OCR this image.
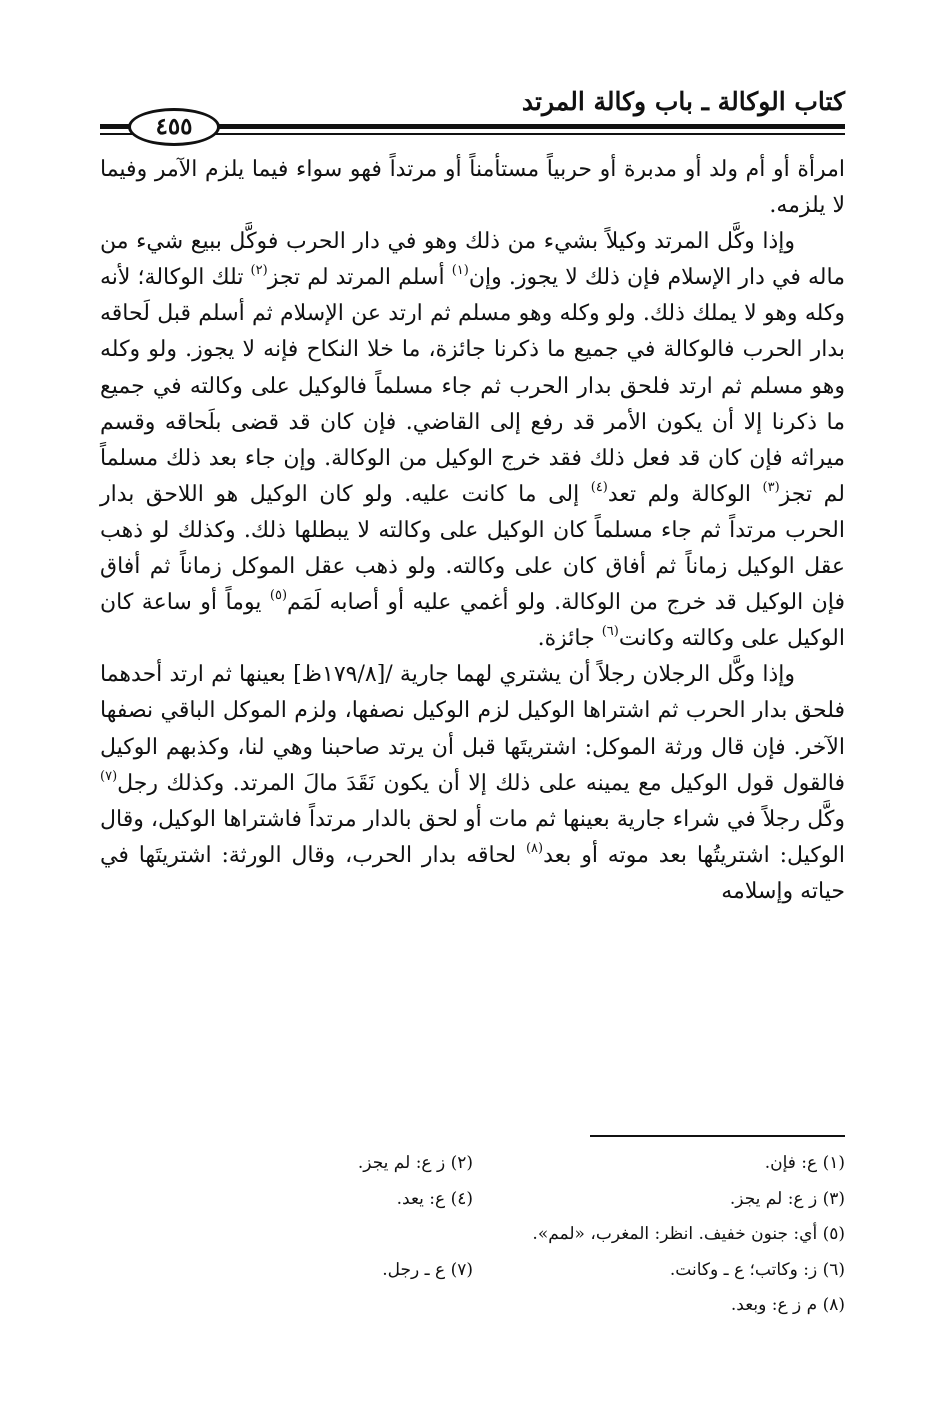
كتاب الوكالة ـ باب وكالة المرتد
٤٥٥

امرأة أو أم ولد أو مدبرة أو حربياً مستأمناً أو مرتداً فهو سواء فيما يلزم الآمر وفيما لا يلزمه.

وإذا وكَّل المرتد وكيلاً بشيء من ذلك وهو في دار الحرب فوكَّل ببيع شيء من ماله في دار الإسلام فإن ذلك لا يجوز. وإن$^{(١)}$ أسلم المرتد لم تجز$^{(٢)}$ تلك الوكالة؛ لأنه وكله وهو لا يملك ذلك. ولو وكله وهو مسلم ثم ارتد عن الإسلام ثم أسلم قبل لَحاقه بدار الحرب فالوكالة في جميع ما ذكرنا جائزة، ما خلا النكاح فإنه لا يجوز. ولو وكله وهو مسلم ثم ارتد فلحق بدار الحرب ثم جاء مسلماً فالوكيل على وكالته في جميع ما ذكرنا إلا أن يكون الأمر قد رفع إلى القاضي. فإن كان قد قضى بلَحاقه وقسم ميراثه فإن كان قد فعل ذلك فقد خرج الوكيل من الوكالة. وإن جاء بعد ذلك مسلماً لم تجز$^{(٣)}$ الوكالة ولم تعد$^{(٤)}$ إلى ما كانت عليه. ولو كان الوكيل هو اللاحق بدار الحرب مرتداً ثم جاء مسلماً كان الوكيل على وكالته لا يبطلها ذلك. وكذلك لو ذهب عقل الوكيل زماناً ثم أفاق كان على وكالته. ولو ذهب عقل الموكل زماناً ثم أفاق فإن الوكيل قد خرج من الوكالة. ولو أغمي عليه أو أصابه لَمَم$^{(٥)}$ يوماً أو ساعة كان الوكيل على وكالته وكانت$^{(٦)}$ جائزة.

وإذا وكَّل الرجلان رجلاً أن يشتري لهما جارية /[١٧٩/٨ظ] بعينها ثم ارتد أحدهما فلحق بدار الحرب ثم اشتراها الوكيل لزم الوكيل نصفها، ولزم الموكل الباقي نصفها الآخر. فإن قال ورثة الموكل: اشتريتَها قبل أن يرتد صاحبنا وهي لنا، وكذبهم الوكيل فالقول قول الوكيل مع يمينه على ذلك إلا أن يكون نَقَدَ مالَ المرتد. وكذلك رجل$^{(٧)}$ وكَّل رجلاً في شراء جارية بعينها ثم مات أو لحق بالدار مرتداً فاشتراها الوكيل، وقال الوكيل: اشتريتُها بعد موته أو بعد$^{(٨)}$ لحاقه بدار الحرب، وقال الورثة: اشتريتَها في حياته وإسلامه

(١) ع: فإن.(٢) ز ع: لم يجز.
(٣) ز ع: لم يجز.(٤) ع: يعد.
(٥) أي: جنون خفيف. انظر: المغرب، «لمم».
(٦) ز: وكاتب؛ ع ـ وكانت.(٧) ع ـ رجل.
(٨) م ز ع: وبعد.
